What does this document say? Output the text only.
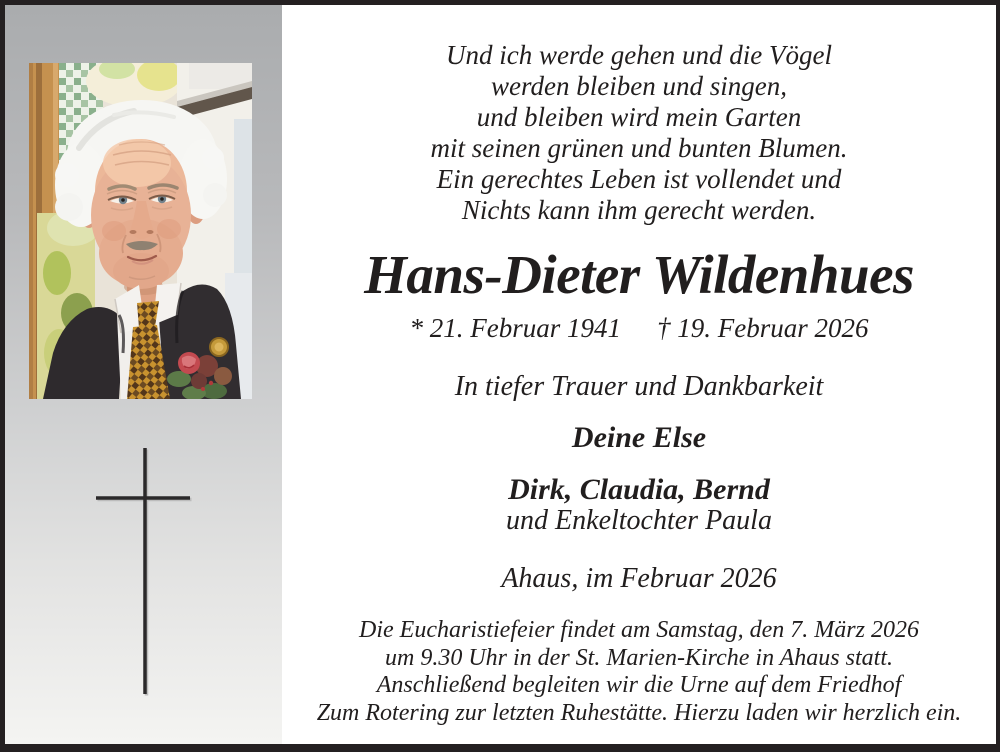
Und ich werde gehen und die Vögel
werden bleiben und singen,
und bleiben wird mein Garten
mit seinen grünen und bunten Blumen.
Ein gerechtes Leben ist vollendet und
Nichts kann ihm gerecht werden.
Hans-Dieter Wildenhues
* 21. Februar 1941 † 19. Februar 2026
In tiefer Trauer und Dankbarkeit
Deine Else
Dirk, Claudia, Bernd
und Enkeltochter Paula
Ahaus, im Februar 2026
Die Eucharistiefeier findet am Samstag, den 7. März 2026
um 9.30 Uhr in der St. Marien-Kirche in Ahaus statt.
Anschließend begleiten wir die Urne auf dem Friedhof
Zum Rotering zur letzten Ruhestätte. Hierzu laden wir herzlich ein.
